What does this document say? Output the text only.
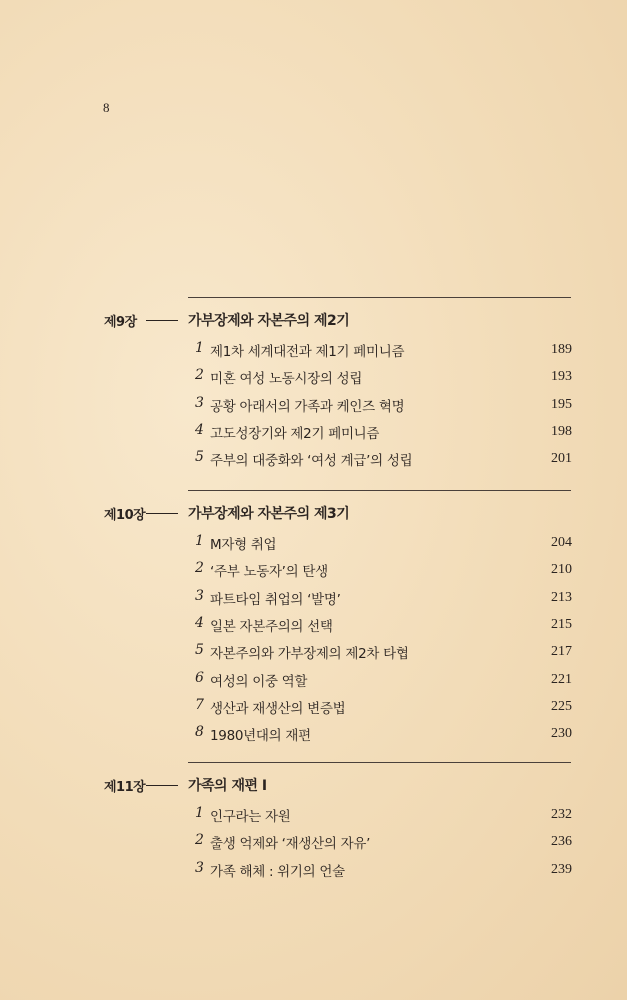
8
제9장	가부장제와 자본주의 제2기
1 제1차 세계대전과 제1기 페미니즘	189
2 미혼 여성 노동시장의 성립	193
3 공황 아래서의 가족과 케인즈 혁명	195
4 고도성장기와 제2기 페미니즘	198
5 주부의 대중화와 ‘여성 계급’의 성립	201
제10장	가부장제와 자본주의 제3기
1 M자형 취업	204
2 ‘주부 노동자’의 탄생	210
3 파트타임 취업의 ‘발명’	213
4 일본 자본주의의 선택	215
5 자본주의와 가부장제의 제2차 타협	217
6 여성의 이중 역할	221
7 생산과 재생산의 변증법	225
8 1980년대의 재편	230
제11장	가족의 재편 I
1 인구라는 자원	232
2 출생 억제와 ‘재생산의 자유’	236
3 가족 해체 : 위기의 언술	239
